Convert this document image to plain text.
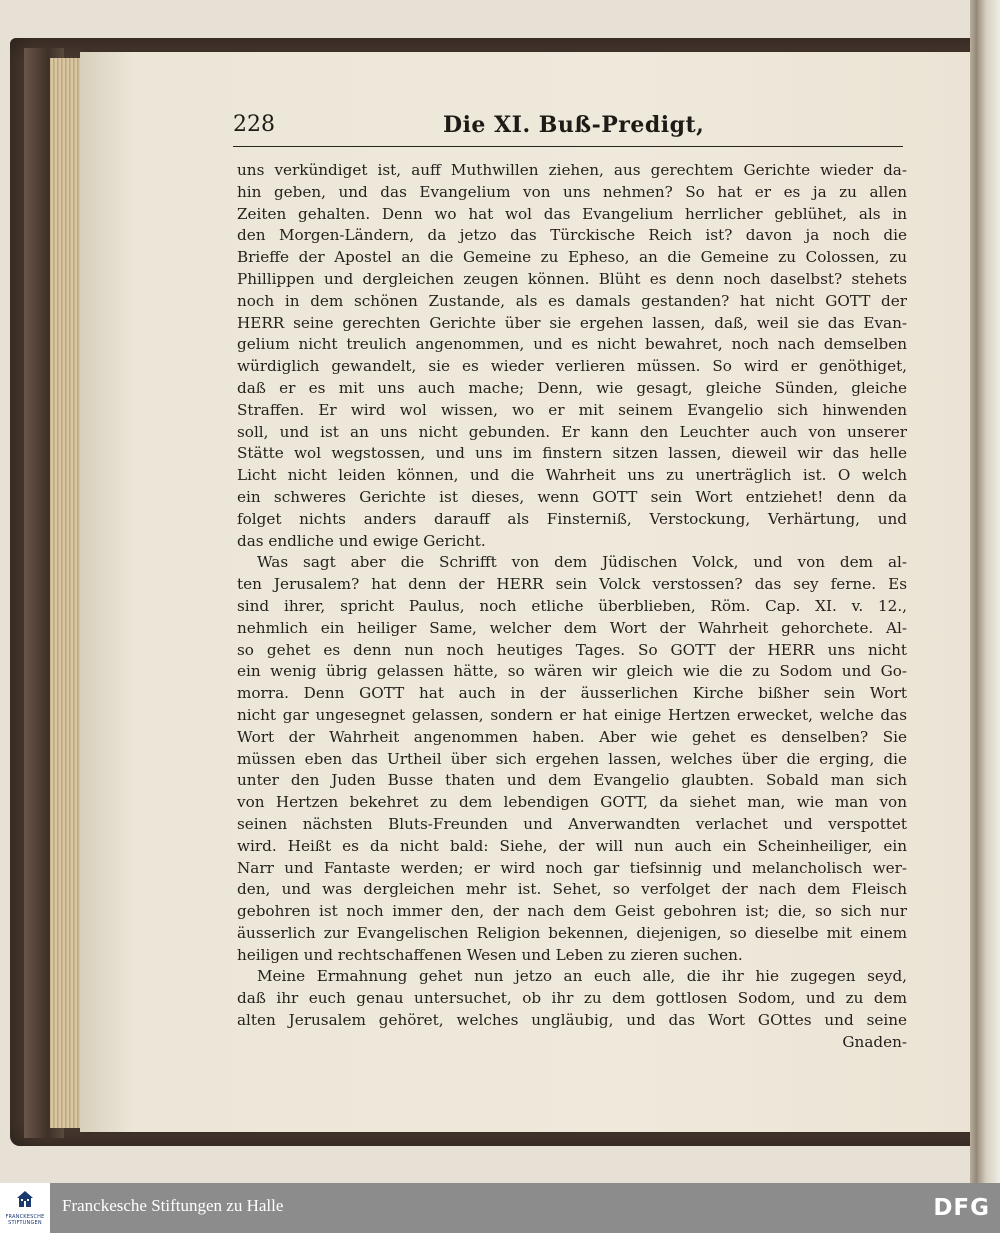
228	Die XI. Buß-Predigt,
uns verkündiget ist, auff Muthwillen ziehen, aus gerechtem Gerichte wieder da-
hin geben, und das Evangelium von uns nehmen? So hat er es ja zu allen
Zeiten gehalten. Denn wo hat wol das Evangelium herrlicher geblühet, als in
den Morgen-Ländern, da jetzo das Türckische Reich ist? davon ja noch die
Brieffe der Apostel an die Gemeine zu Epheso, an die Gemeine zu Colossen, zu
Phillippen und dergleichen zeugen können. Blüht es denn noch daselbst? stehets
noch in dem schönen Zustande, als es damals gestanden? hat nicht GOTT der
HERR seine gerechten Gerichte über sie ergehen lassen, daß, weil sie das Evan-
gelium nicht treulich angenommen, und es nicht bewahret, noch nach demselben
würdiglich gewandelt, sie es wieder verlieren müssen. So wird er genöthiget,
daß er es mit uns auch mache; Denn, wie gesagt, gleiche Sünden, gleiche
Straffen. Er wird wol wissen, wo er mit seinem Evangelio sich hinwenden
soll, und ist an uns nicht gebunden. Er kann den Leuchter auch von unserer
Stätte wol wegstossen, und uns im finstern sitzen lassen, dieweil wir das helle
Licht nicht leiden können, und die Wahrheit uns zu unerträglich ist. O welch
ein schweres Gerichte ist dieses, wenn GOTT sein Wort entziehet! denn da
folget nichts anders darauff als Finsterniß, Verstockung, Verhärtung, und
das endliche und ewige Gericht.
Was sagt aber die Schrifft von dem Jüdischen Volck, und von dem al-
ten Jerusalem? hat denn der HERR sein Volck verstossen? das sey ferne. Es
sind ihrer, spricht Paulus, noch etliche überblieben, Röm. Cap. XI. v. 12.,
nehmlich ein heiliger Same, welcher dem Wort der Wahrheit gehorchete. Al-
so gehet es denn nun noch heutiges Tages. So GOTT der HERR uns nicht
ein wenig übrig gelassen hätte, so wären wir gleich wie die zu Sodom und Go-
morra. Denn GOTT hat auch in der äusserlichen Kirche bißher sein Wort
nicht gar ungesegnet gelassen, sondern er hat einige Hertzen erwecket, welche das
Wort der Wahrheit angenommen haben. Aber wie gehet es denselben? Sie
müssen eben das Urtheil über sich ergehen lassen, welches über die erging, die
unter den Juden Busse thaten und dem Evangelio glaubten. Sobald man sich
von Hertzen bekehret zu dem lebendigen GOTT, da siehet man, wie man von
seinen nächsten Bluts-Freunden und Anverwandten verlachet und verspottet
wird. Heißt es da nicht bald: Siehe, der will nun auch ein Scheinheiliger, ein
Narr und Fantaste werden; er wird noch gar tiefsinnig und melancholisch wer-
den, und was dergleichen mehr ist. Sehet, so verfolget der nach dem Fleisch
gebohren ist noch immer den, der nach dem Geist gebohren ist; die, so sich nur
äusserlich zur Evangelischen Religion bekennen, diejenigen, so dieselbe mit einem
heiligen und rechtschaffenen Wesen und Leben zu zieren suchen.
Meine Ermahnung gehet nun jetzo an euch alle, die ihr hie zugegen seyd,
daß ihr euch genau untersuchet, ob ihr zu dem gottlosen Sodom, und zu dem
alten Jerusalem gehöret, welches ungläubig, und das Wort GOttes und seine
Gnaden-
FRANCKESCHE STIFTUNGEN
Franckesche Stiftungen zu Halle	DFG
